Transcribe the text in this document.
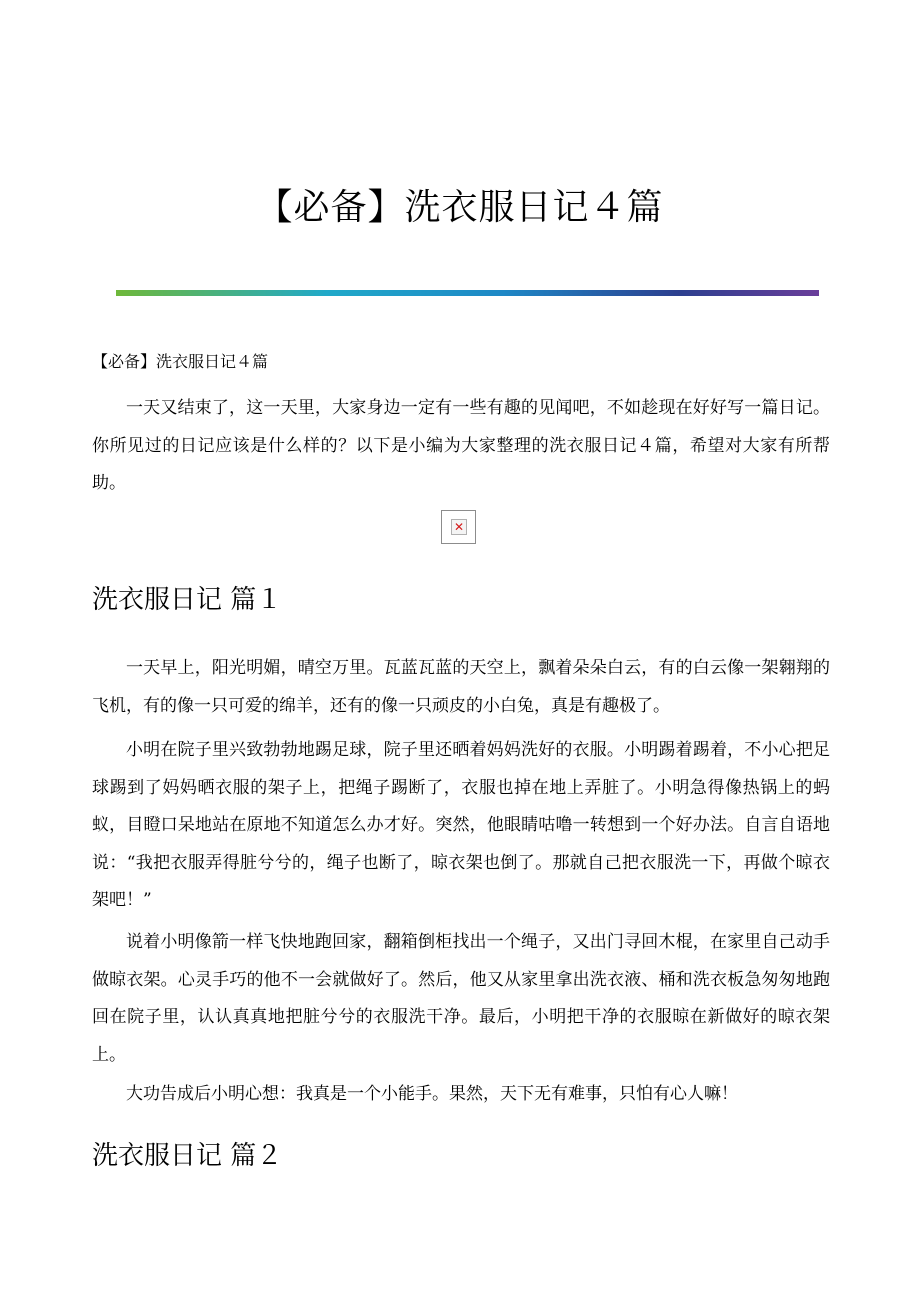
【必备】洗衣服日记４篇
【必备】洗衣服日记４篇
一天又结束了，这一天里，大家身边一定有一些有趣的见闻吧，不如趁现在好好写一篇日记。你所见过的日记应该是什么样的？以下是小编为大家整理的洗衣服日记４篇，希望对大家有所帮助。
✕
洗衣服日记 篇１
一天早上，阳光明媚，晴空万里。瓦蓝瓦蓝的天空上，飘着朵朵白云，有的白云像一架翱翔的飞机，有的像一只可爱的绵羊，还有的像一只顽皮的小白兔，真是有趣极了。
小明在院子里兴致勃勃地踢足球，院子里还晒着妈妈洗好的衣服。小明踢着踢着，不小心把足球踢到了妈妈晒衣服的架子上，把绳子踢断了，衣服也掉在地上弄脏了。小明急得像热锅上的蚂蚁，目瞪口呆地站在原地不知道怎么办才好。突然，他眼睛咕噜一转想到一个好办法。自言自语地说：“我把衣服弄得脏兮兮的，绳子也断了，晾衣架也倒了。那就自己把衣服洗一下，再做个晾衣架吧！”
说着小明像箭一样飞快地跑回家，翻箱倒柜找出一个绳子，又出门寻回木棍，在家里自己动手做晾衣架。心灵手巧的他不一会就做好了。然后，他又从家里拿出洗衣液、桶和洗衣板急匆匆地跑回在院子里，认认真真地把脏兮兮的衣服洗干净。最后，小明把干净的衣服晾在新做好的晾衣架上。
大功告成后小明心想：我真是一个小能手。果然，天下无有难事，只怕有心人嘛！
洗衣服日记 篇２
